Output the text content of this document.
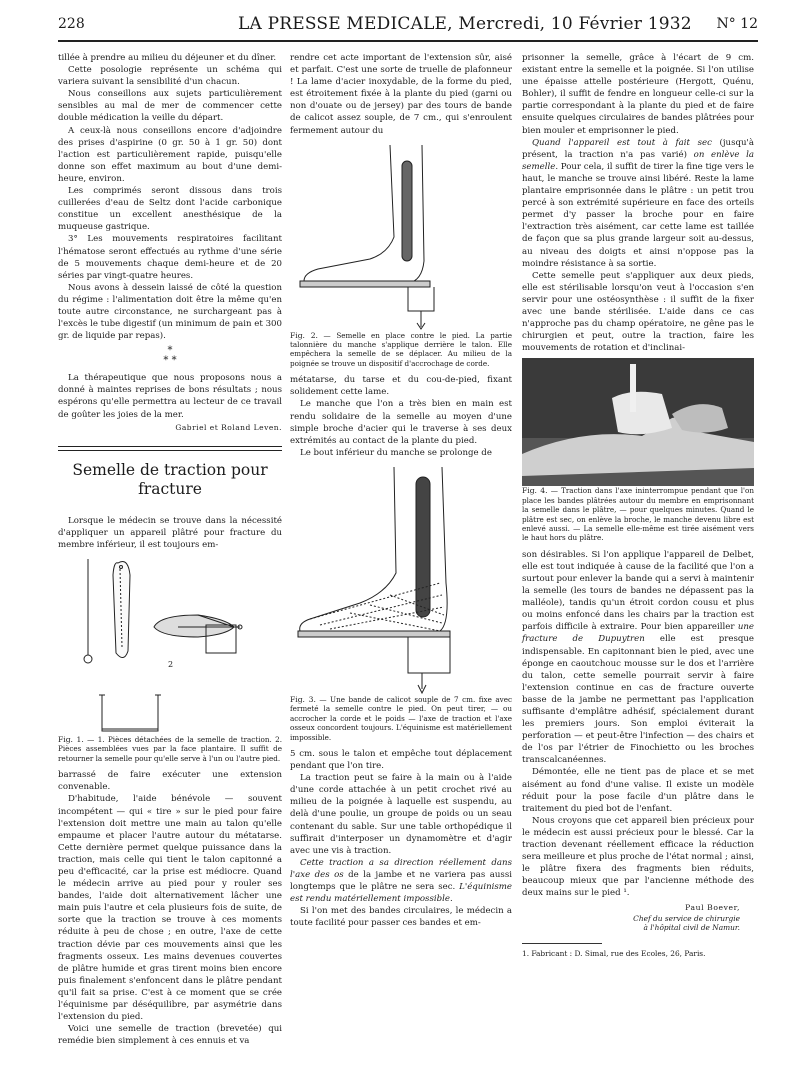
228	LA PRESSE MEDICALE, Mercredi, 10 Février 1932 N° 12

tillée à prendre au milieu du déjeuner et du dîner.

Cette posologie représente un schéma qui variera suivant la sensibilité d'un chacun.

Nous conseillons aux sujets particulièrement sensibles au mal de mer de commencer cette double médication la veille du départ.

A ceux-là nous conseillons encore d'adjoindre des prises d'aspirine (0 gr. 50 à 1 gr. 50) dont l'action est particulièrement rapide, puisqu'elle donne son effet maximum au bout d'une demi-heure, environ.

Les comprimés seront dissous dans trois cuillerées d'eau de Seltz dont l'acide carbonique constitue un excellent anesthésique de la muqueuse gastrique.

3° Les mouvements respiratoires facilitant l'hématose seront effectués au rythme d'une série de 5 mouvements chaque demi-heure et de 20 séries par vingt-quatre heures.

Nous avons à dessein laissé de côté la question du régime : l'alimentation doit être la même qu'en toute autre circonstance, ne surchargeant pas à l'excès le tube digestif (un minimum de pain et 300 gr. de liquide par repas).

*
* *

La thérapeutique que nous proposons nous a donné à maintes reprises de bons résultats ; nous espérons qu'elle permettra au lecteur de ce travail de goûter les joies de la mer.

Gabriel et Roland Leven.
Semelle de traction pour fracture

Lorsque le médecin se trouve dans la nécessité d'appliquer un appareil plâtré pour fracture du membre inférieur, il est toujours em-

2
Fig. 1. — 1. Pièces détachées de la semelle de traction. 2. Pièces assemblées vues par la face plantaire. Il suffit de retourner la semelle pour qu'elle serve à l'un ou l'autre pied.

barrassé de faire exécuter une extension convenable.

D'habitude, l'aide bénévole — souvent incompétent — qui « tire » sur le pied pour faire l'extension doit mettre une main au talon qu'elle empaume et placer l'autre autour du métatarse. Cette dernière permet quelque puissance dans la traction, mais celle qui tient le talon capitonné a peu d'efficacité, car la prise est médiocre. Quand le médecin arrive au pied pour y rouler ses bandes, l'aide doit alternativement lâcher une main puis l'autre et cela plusieurs fois de suite, de sorte que la traction se trouve à ces moments réduite à peu de chose ; en outre, l'axe de cette traction dévie par ces mouvements ainsi que les fragments osseux. Les mains devenues couvertes de plâtre humide et gras tirent moins bien encore puis finalement s'enfoncent dans le plâtre pendant qu'il fait sa prise. C'est à ce moment que se crée l'équinisme par déséquilibre, par asymétrie dans l'extension du pied.

Voici une semelle de traction (brevetée) qui remédie bien simplement à ces ennuis et va

rendre cet acte important de l'extension sûr, aisé et parfait. C'est une sorte de truelle de plafonneur ! La lame d'acier inoxydable, de la forme du pied, est étroitement fixée à la plante du pied (garni ou non d'ouate ou de jersey) par des tours de bande de calicot assez souple, de 7 cm., qui s'enroulent fermement autour du

Fig. 2. — Semelle en place contre le pied. La partie talonnière du manche s'applique derrière le talon. Elle empêchera la semelle de se déplacer. Au milieu de la poignée se trouve un dispositif d'accrochage de corde.

métatarse, du tarse et du cou-de-pied, fixant solidement cette lame.

Le manche que l'on a très bien en main est rendu solidaire de la semelle au moyen d'une simple broche d'acier qui le traverse à ses deux extrémités au contact de la plante du pied.

Le bout inférieur du manche se prolonge de

Fig. 3. — Une bande de calicot souple de 7 cm. fixe avec fermeté la semelle contre le pied. On peut tirer, — ou accrocher la corde et le poids — l'axe de traction et l'axe osseux concordent toujours. L'équinisme est matériellement impossible.

5 cm. sous le talon et empêche tout déplacement pendant que l'on tire.

La traction peut se faire à la main ou à l'aide d'une corde attachée à un petit crochet rivé au milieu de la poignée à laquelle est suspendu, au delà d'une poulie, un groupe de poids ou un seau contenant du sable. Sur une table orthopédique il suffirait d'interposer un dynamomètre et d'agir avec une vis à traction.

Cette traction a sa direction réellement dans l'axe des os de la jambe et ne variera pas aussi longtemps que le plâtre ne sera sec. L'équinisme est rendu matériellement impossible.

Si l'on met des bandes circulaires, le médecin a toute facilité pour passer ces bandes et em-

prisonner la semelle, grâce à l'écart de 9 cm. existant entre la semelle et la poignée. Si l'on utilise une épaisse attelle postérieure (Hergott, Quénu, Bohler), il suffit de fendre en longueur celle-ci sur la partie correspondant à la plante du pied et de faire ensuite quelques circulaires de bandes plâtrées pour bien mouler et emprisonner le pied.

Quand l'appareil est tout à fait sec (jusqu'à présent, la traction n'a pas varié) on enlève la semelle. Pour cela, il suffit de tirer la fine tige vers le haut, le manche se trouve ainsi libéré. Reste la lame plantaire emprisonnée dans le plâtre : un petit trou percé à son extrémité supérieure en face des orteils permet d'y passer la broche pour en faire l'extraction très aisément, car cette lame est taillée de façon que sa plus grande largeur soit au-dessus, au niveau des doigts et ainsi n'oppose pas la moindre résistance à sa sortie.

Cette semelle peut s'appliquer aux deux pieds, elle est stérilisable lorsqu'on veut à l'occasion s'en servir pour une ostéosynthèse : il suffit de la fixer avec une bande stérilisée. L'aide dans ce cas n'approche pas du champ opératoire, ne gêne pas le chirurgien et peut, outre la traction, faire les mouvements de rotation et d'inclinai-

Fig. 4. — Traction dans l'axe ininterrompue pendant que l'on place les bandes plâtrées autour du membre en emprisonnant la semelle dans le plâtre, — pour quelques minutes. Quand le plâtre est sec, on enlève la broche, le manche devenu libre est enlevé aussi. — La semelle elle-même est tirée aisément vers le haut hors du plâtre.

son désirables. Si l'on applique l'appareil de Delbet, elle est tout indiquée à cause de la facilité que l'on a surtout pour enlever la bande qui a servi à maintenir la semelle (les tours de bandes ne dépassent pas la malléole), tandis qu'un étroit cordon cousu et plus ou moins enfoncé dans les chairs par la traction est parfois difficile à extraire. Pour bien appareiller une fracture de Dupuytren elle est presque indispensable. En capitonnant bien le pied, avec une éponge en caoutchouc mousse sur le dos et l'arrière du talon, cette semelle pourrait servir à faire l'extension continue en cas de fracture ouverte basse de la jambe ne permettant pas l'application suffisante d'emplâtre adhésif, spécialement durant les premiers jours. Son emploi éviterait la perforation — et peut-être l'infection — des chairs et de l'os par l'étrier de Finochietto ou les broches transcalcanéennes.

Démontée, elle ne tient pas de place et se met aisément au fond d'une valise. Il existe un modèle réduit pour la pose facile d'un plâtre dans le traitement du pied bot de l'enfant.

Nous croyons que cet appareil bien précieux pour le médecin est aussi précieux pour le blessé. Car la traction devenant réellement efficace la réduction sera meilleure et plus proche de l'état normal ; ainsi, le plâtre fixera des fragments bien réduits, beaucoup mieux que par l'ancienne méthode des deux mains sur le pied ¹.

Paul Boever,
Chef du service de chirurgie
à l'hôpital civil de Namur.
1. Fabricant : D. Simal, rue des Ecoles, 26, Paris.
